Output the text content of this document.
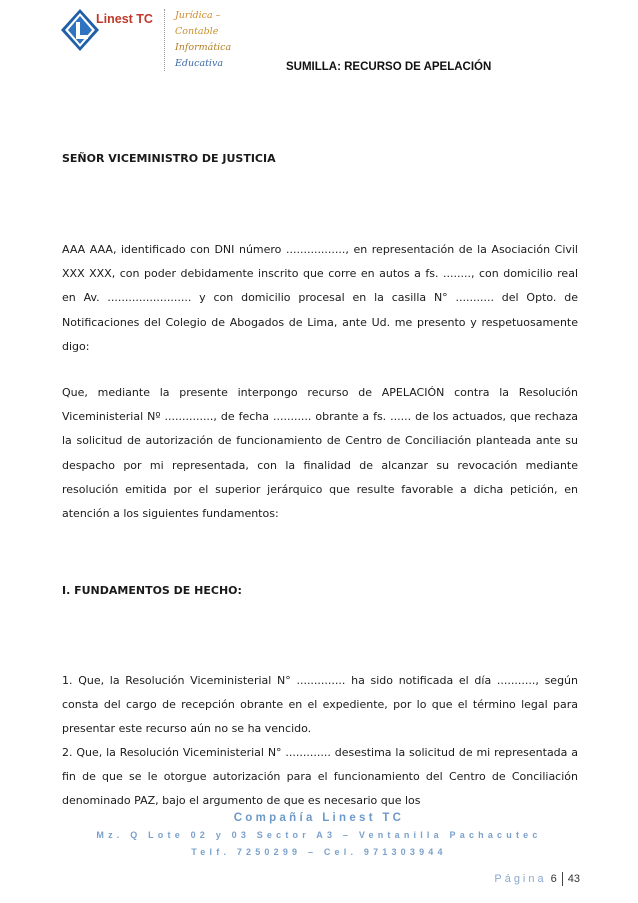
Linest TC Jurídica –
Contable
Informática
Educativa	SUMILLA: RECURSO DE APELACIÓN
SEÑOR VICEMINISTRO DE JUSTICIA
AAA AAA, identificado con DNI número ................., en representación de la Asociación Civil XXX XXX, con poder debidamente inscrito que corre en autos a fs. ........, con domicilio real en Av. ........................ y con domicilio procesal en la casilla N° ........... del Opto. de Notificaciones del Colegio de Abogados de Lima, ante Ud. me presento y respetuosamente digo:
Que, mediante la presente interpongo recurso de APELACIÓN contra la Resolución Viceministerial Nº .............., de fecha ........... obrante a fs. ...... de los actuados, que rechaza la solicitud de autorización de funcionamiento de Centro de Conciliación planteada ante su despacho por mi representada, con la finalidad de alcanzar su revocación mediante resolución emitida por el superior jerárquico que resulte favorable a dicha petición, en atención a los siguientes fundamentos:
I. FUNDAMENTOS DE HECHO:
1. Que, la Resolución Viceministerial N° .............. ha sido notificada el día ..........., según consta del cargo de recepción obrante en el expediente, por lo que el término legal para presentar este recurso aún no se ha vencido.
2. Que, la Resolución Viceministerial N° ............. desestima la solicitud de mi representada a fin de que se le otorgue autorización para el funcionamiento del Centro de Conciliación denominado PAZ, bajo el argumento de que es necesario que los
Compañía Linest TC
Mz. Q Lote 02 y 03 Sector A3 – Ventanilla Pachacutec
Telf. 7250299 – Cel. 971303944
Página 6 43
